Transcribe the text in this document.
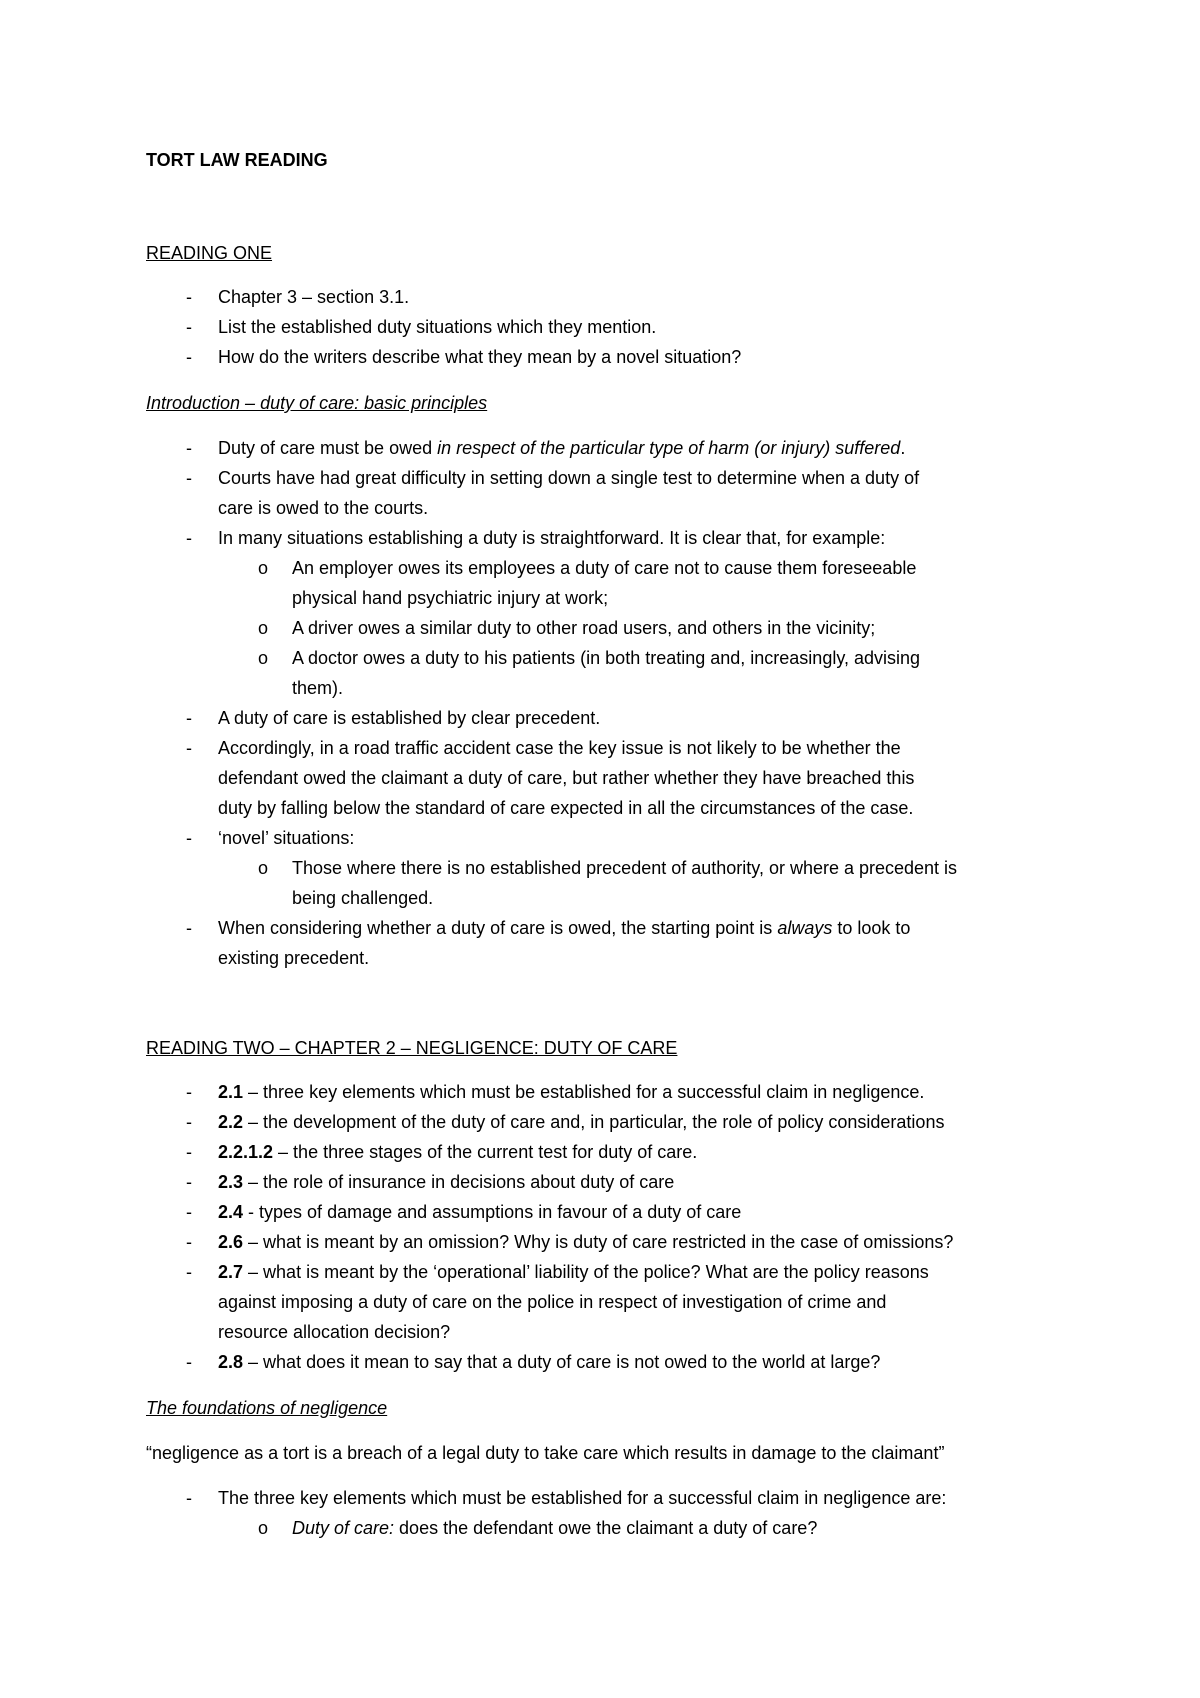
TORT LAW READING
READING ONE
-	Chapter 3 – section 3.1.
-	List the established duty situations which they mention.
-	How do the writers describe what they mean by a novel situation?
Introduction – duty of care: basic principles
-	Duty of care must be owed in respect of the particular type of harm (or injury) suffered.
-	Courts have had great difficulty in setting down a single test to determine when a duty of
care is owed to the courts.
-	In many situations establishing a duty is straightforward. It is clear that, for example:
o An employer owes its employees a duty of care not to cause them foreseeable
physical hand psychiatric injury at work;
o A driver owes a similar duty to other road users, and others in the vicinity;
o A doctor owes a duty to his patients (in both treating and, increasingly, advising
them).
-	A duty of care is established by clear precedent.
-	Accordingly, in a road traffic accident case the key issue is not likely to be whether the
defendant owed the claimant a duty of care, but rather whether they have breached this
duty by falling below the standard of care expected in all the circumstances of the case.
-	‘novel’ situations:
o Those where there is no established precedent of authority, or where a precedent is
being challenged.
-	When considering whether a duty of care is owed, the starting point is always to look to
existing precedent.
READING TWO – CHAPTER 2 – NEGLIGENCE: DUTY OF CARE
-	2.1 – three key elements which must be established for a successful claim in negligence.
-	2.2 – the development of the duty of care and, in particular, the role of policy considerations
-	2.2.1.2 – the three stages of the current test for duty of care.
-	2.3 – the role of insurance in decisions about duty of care
-	2.4 - types of damage and assumptions in favour of a duty of care
-	2.6 – what is meant by an omission? Why is duty of care restricted in the case of omissions?
-	2.7 – what is meant by the ‘operational’ liability of the police? What are the policy reasons
against imposing a duty of care on the police in respect of investigation of crime and
resource allocation decision?
-	2.8 – what does it mean to say that a duty of care is not owed to the world at large?
The foundations of negligence
“negligence as a tort is a breach of a legal duty to take care which results in damage to the claimant”
-	The three key elements which must be established for a successful claim in negligence are:
o Duty of care: does the defendant owe the claimant a duty of care?
